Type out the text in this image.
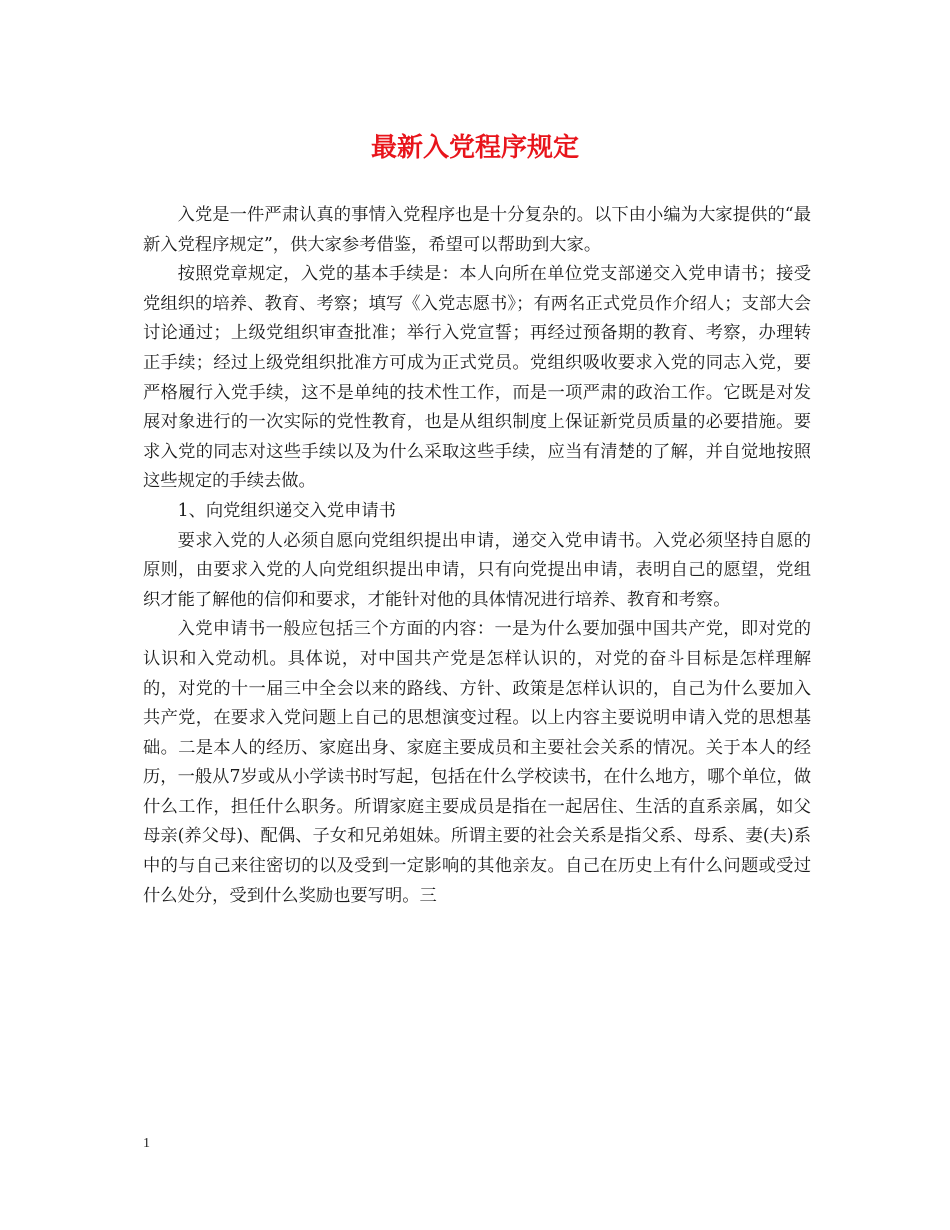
最新入党程序规定

入党是一件严肃认真的事情入党程序也是十分复杂的。以下由小编为大家提供的“最新入党程序规定”，供大家参考借鉴，希望可以帮助到大家。

按照党章规定，入党的基本手续是：本人向所在单位党支部递交入党申请书；接受党组织的培养、教育、考察；填写《入党志愿书》；有两名正式党员作介绍人；支部大会讨论通过；上级党组织审查批准；举行入党宣誓；再经过预备期的教育、考察，办理转正手续；经过上级党组织批准方可成为正式党员。党组织吸收要求入党的同志入党，要严格履行入党手续，这不是单纯的技术性工作，而是一项严肃的政治工作。它既是对发展对象进行的一次实际的党性教育，也是从组织制度上保证新党员质量的必要措施。要求入党的同志对这些手续以及为什么采取这些手续，应当有清楚的了解，并自觉地按照这些规定的手续去做。

1、向党组织递交入党申请书

要求入党的人必须自愿向党组织提出申请，递交入党申请书。入党必须坚持自愿的原则，由要求入党的人向党组织提出申请，只有向党提出申请，表明自己的愿望，党组织才能了解他的信仰和要求，才能针对他的具体情况进行培养、教育和考察。

入党申请书一般应包括三个方面的内容：一是为什么要加强中国共产党，即对党的认识和入党动机。具体说，对中国共产党是怎样认识的，对党的奋斗目标是怎样理解的，对党的十一届三中全会以来的路线、方针、政策是怎样认识的，自己为什么要加入共产党，在要求入党问题上自己的思想演变过程。以上内容主要说明申请入党的思想基础。二是本人的经历、家庭出身、家庭主要成员和主要社会关系的情况。关于本人的经历，一般从7岁或从小学读书时写起，包括在什么学校读书，在什么地方，哪个单位，做什么工作，担任什么职务。所谓家庭主要成员是指在一起居住、生活的直系亲属，如父母亲(养父母)、配偶、子女和兄弟姐妹。所谓主要的社会关系是指父系、母系、妻(夫)系中的与自己来往密切的以及受到一定影响的其他亲友。自己在历史上有什么问题或受过什么处分，受到什么奖励也要写明。三

1
